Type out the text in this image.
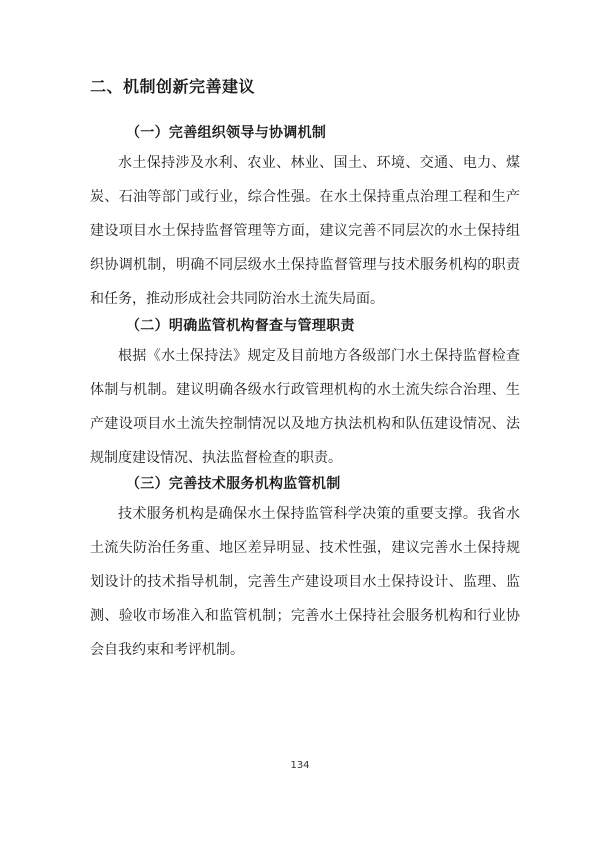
二、机制创新完善建议
（一）完善组织领导与协调机制
水土保持涉及水利、农业、林业、国土、环境、交通、电力、煤
炭、石油等部门或行业，综合性强。在水土保持重点治理工程和生产
建设项目水土保持监督管理等方面，建议完善不同层次的水土保持组
织协调机制，明确不同层级水土保持监督管理与技术服务机构的职责
和任务，推动形成社会共同防治水土流失局面。
（二）明确监管机构督查与管理职责
根据《水土保持法》规定及目前地方各级部门水土保持监督检查
体制与机制。建议明确各级水行政管理机构的水土流失综合治理、生
产建设项目水土流失控制情况以及地方执法机构和队伍建设情况、法
规制度建设情况、执法监督检查的职责。
（三）完善技术服务机构监管机制
技术服务机构是确保水土保持监管科学决策的重要支撑。我省水
土流失防治任务重、地区差异明显、技术性强，建议完善水土保持规
划设计的技术指导机制，完善生产建设项目水土保持设计、监理、监
测、验收市场准入和监管机制；完善水土保持社会服务机构和行业协
会自我约束和考评机制。
134
